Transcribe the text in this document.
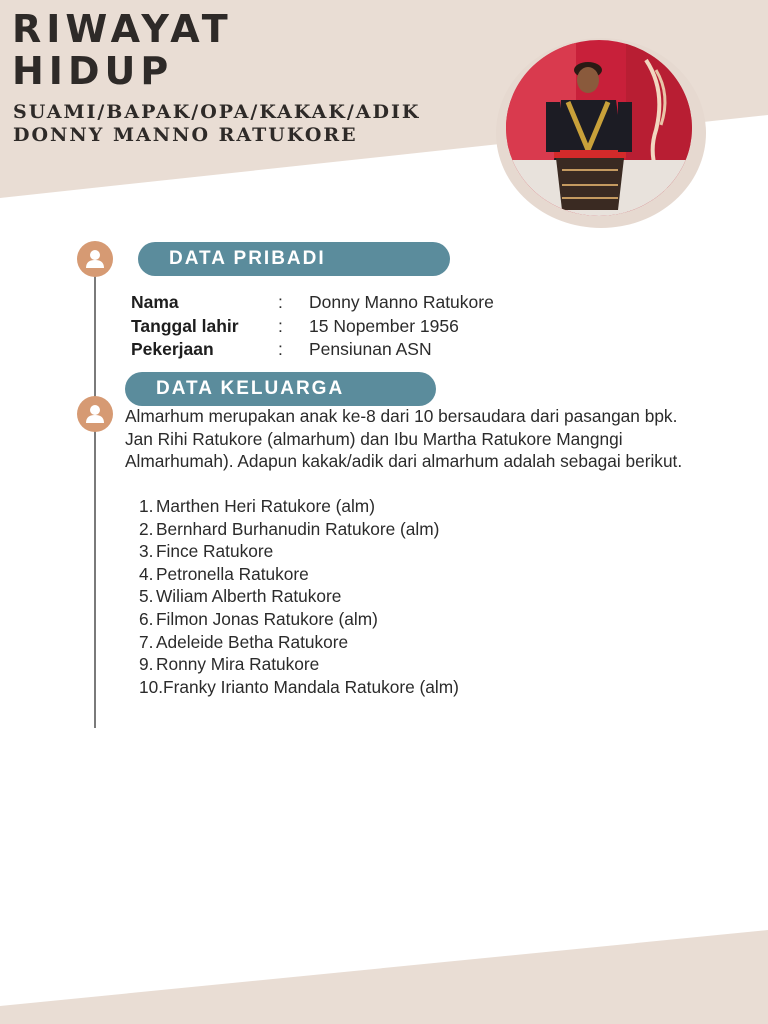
RIWAYAT
HIDUP
SUAMI/BAPAK/OPA/KAKAK/ADIK
DONNY MANNO RATUKORE
DATA PRIBADI
Nama	: Donny Manno Ratukore
Tanggal lahir : 15 Nopember 1956
Pekerjaan	: Pensiunan ASN
DATA KELUARGA

Almarhum merupakan anak ke-8 dari 10 bersaudara dari pasangan bpk. Jan Rihi Ratukore (almarhum) dan Ibu Martha Ratukore Mangngi Almarhumah). Adapun kakak/adik dari almarhum adalah sebagai berikut.

1. Marthen Heri Ratukore (alm)
2. Bernhard Burhanudin Ratukore (alm)
3. Fince Ratukore
4. Petronella Ratukore
5. Wiliam Alberth Ratukore
6. Filmon Jonas Ratukore (alm)
7. Adeleide Betha Ratukore
9.Ronny Mira Ratukore
10.Franky Irianto Mandala Ratukore (alm)
